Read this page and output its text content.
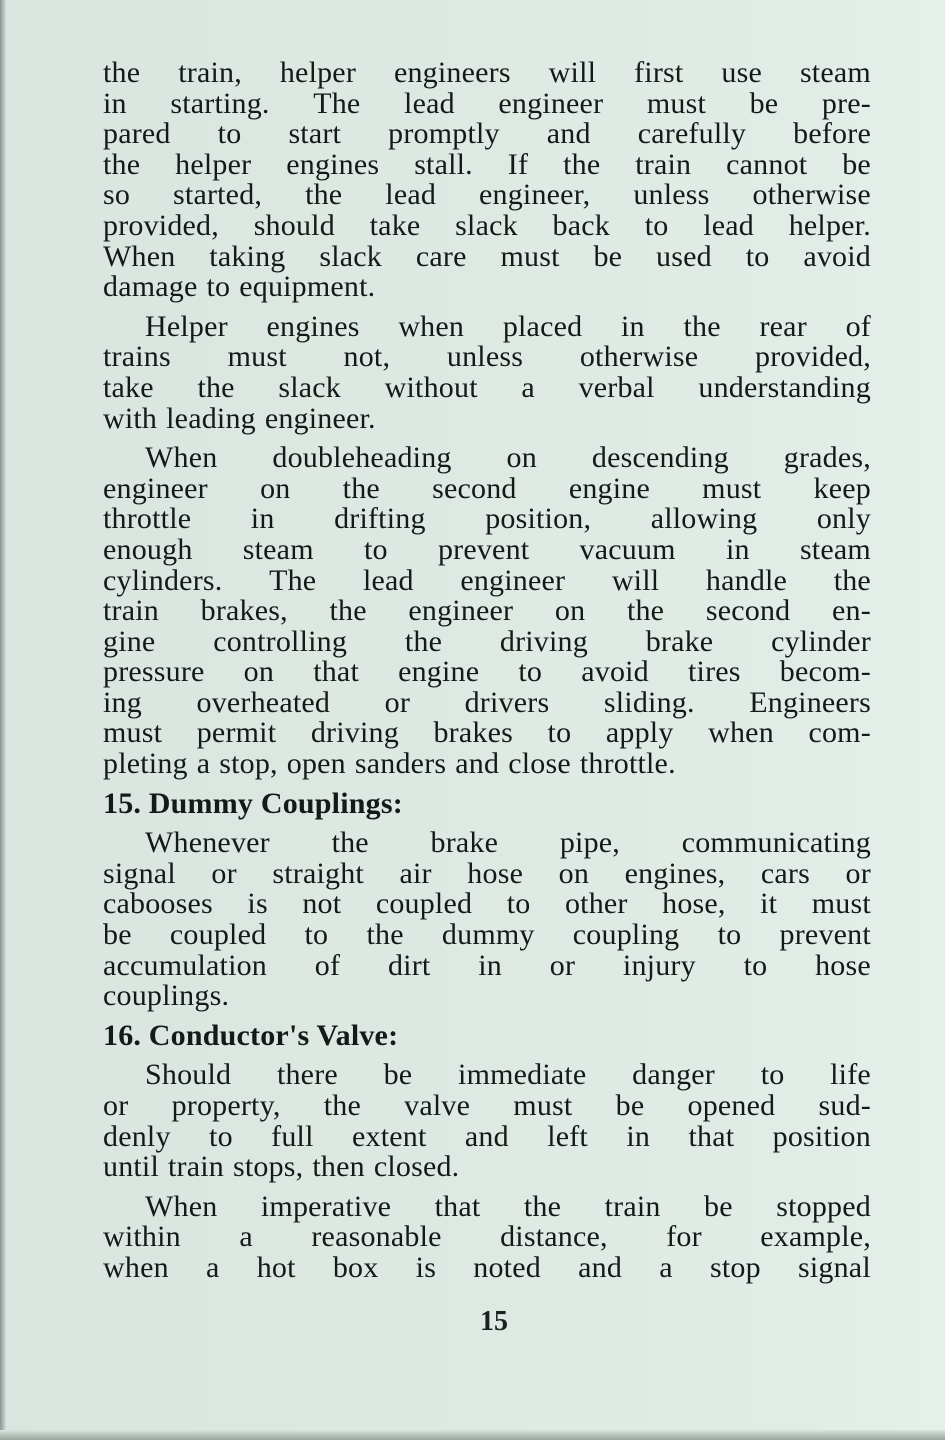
the train, helper engineers will first use steam
in starting. The lead engineer must be pre-
pared to start promptly and carefully before
the helper engines stall. If the train cannot be
so started, the lead engineer, unless otherwise
provided, should take slack back to lead helper.
When taking slack care must be used to avoid
damage to equipment.
Helper engines when placed in the rear of
trains must not, unless otherwise provided,
take the slack without a verbal understanding
with leading engineer.
When doubleheading on descending grades,
engineer on the second engine must keep
throttle in drifting position, allowing only
enough steam to prevent vacuum in steam
cylinders. The lead engineer will handle the
train brakes, the engineer on the second en-
gine controlling the driving brake cylinder
pressure on that engine to avoid tires becom-
ing overheated or drivers sliding. Engineers
must permit driving brakes to apply when com-
pleting a stop, open sanders and close throttle.
15. Dummy Couplings:
Whenever the brake pipe, communicating
signal or straight air hose on engines, cars or
cabooses is not coupled to other hose, it must
be coupled to the dummy coupling to prevent
accumulation of dirt in or injury to hose
couplings.
16. Conductor's Valve:
Should there be immediate danger to life
or property, the valve must be opened sud-
denly to full extent and left in that position
until train stops, then closed.
When imperative that the train be stopped
within a reasonable distance, for example,
when a hot box is noted and a stop signal
15
